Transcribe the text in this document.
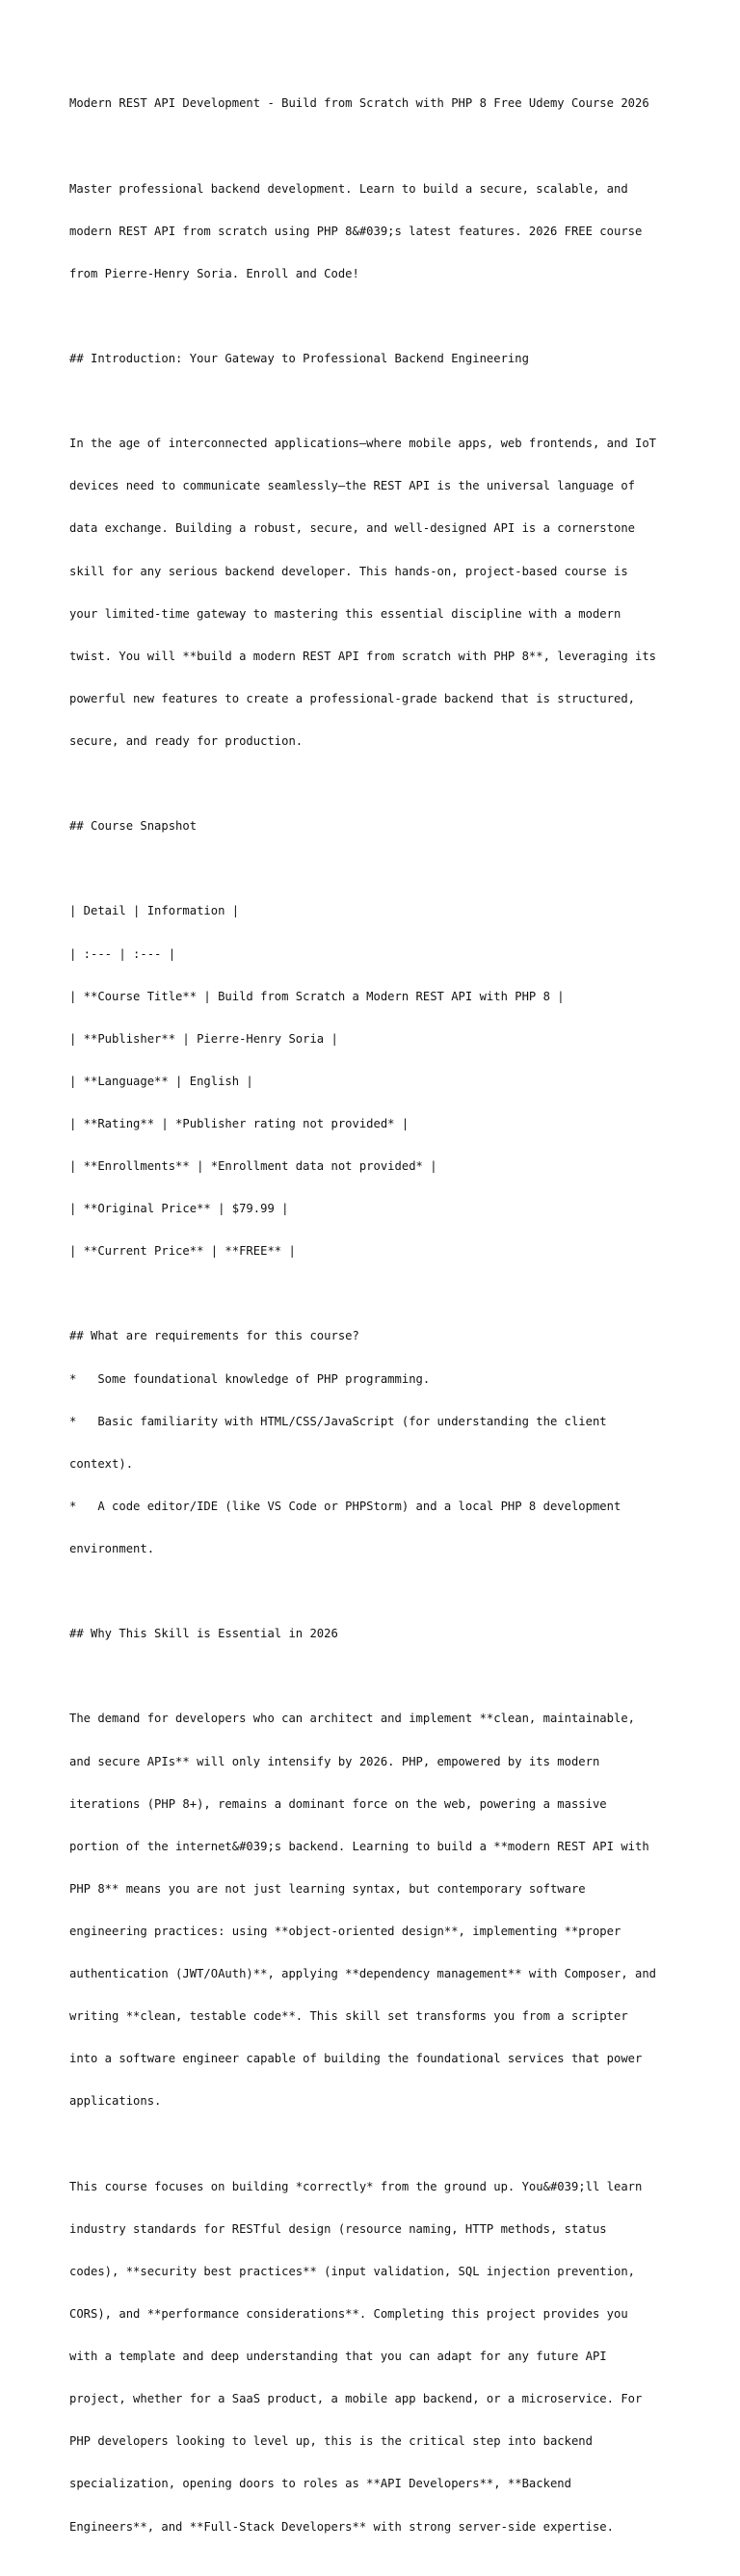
Modern REST API Development - Build from Scratch with PHP 8 Free Udemy Course 2026

Master professional backend development. Learn to build a secure, scalable, and

modern REST API from scratch using PHP 8&#039;s latest features. 2026 FREE course

from Pierre-Henry Soria. Enroll and Code!

## Introduction: Your Gateway to Professional Backend Engineering

In the age of interconnected applications—where mobile apps, web frontends, and IoT

devices need to communicate seamlessly—the REST API is the universal language of

data exchange. Building a robust, secure, and well-designed API is a cornerstone

skill for any serious backend developer. This hands-on, project-based course is

your limited-time gateway to mastering this essential discipline with a modern

twist. You will **build a modern REST API from scratch with PHP 8**, leveraging its

powerful new features to create a professional-grade backend that is structured,

secure, and ready for production.

## Course Snapshot

| Detail | Information |

| :--- | :--- |

| **Course Title** | Build from Scratch a Modern REST API with PHP 8 |

| **Publisher** | Pierre-Henry Soria |

| **Language** | English |

| **Rating** | *Publisher rating not provided* |

| **Enrollments** | *Enrollment data not provided* |

| **Original Price** | $79.99 |

| **Current Price** | **FREE** |

## What are requirements for this course?

*   Some foundational knowledge of PHP programming.

*   Basic familiarity with HTML/CSS/JavaScript (for understanding the client

context).

*   A code editor/IDE (like VS Code or PHPStorm) and a local PHP 8 development

environment.

## Why This Skill is Essential in 2026

The demand for developers who can architect and implement **clean, maintainable,

and secure APIs** will only intensify by 2026. PHP, empowered by its modern

iterations (PHP 8+), remains a dominant force on the web, powering a massive

portion of the internet&#039;s backend. Learning to build a **modern REST API with

PHP 8** means you are not just learning syntax, but contemporary software

engineering practices: using **object-oriented design**, implementing **proper

authentication (JWT/OAuth)**, applying **dependency management** with Composer, and

writing **clean, testable code**. This skill set transforms you from a scripter

into a software engineer capable of building the foundational services that power

applications.

This course focuses on building *correctly* from the ground up. You&#039;ll learn

industry standards for RESTful design (resource naming, HTTP methods, status

codes), **security best practices** (input validation, SQL injection prevention,

CORS), and **performance considerations**. Completing this project provides you

with a template and deep understanding that you can adapt for any future API

project, whether for a SaaS product, a mobile app backend, or a microservice. For

PHP developers looking to level up, this is the critical step into backend

specialization, opening doors to roles as **API Developers**, **Backend

Engineers**, and **Full-Stack Developers** with strong server-side expertise.
